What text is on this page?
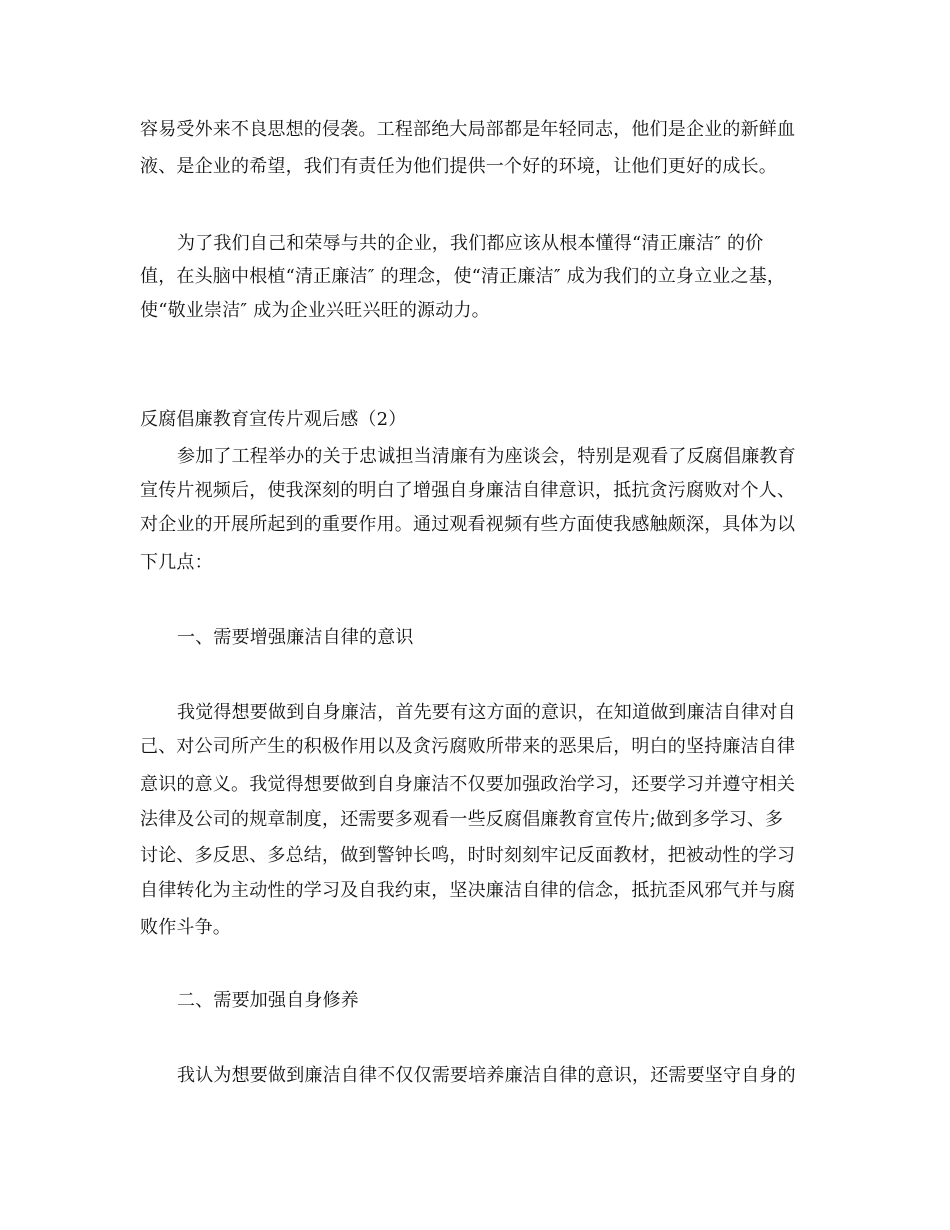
容易受外来不良思想的侵袭。工程部绝大局部都是年轻同志，他们是企业的新鲜血
液、是企业的希望，我们有责任为他们提供一个好的环境，让他们更好的成长。
为了我们自己和荣辱与共的企业，我们都应该从根本懂得“清正廉洁″ 的价
值，在头脑中根植“清正廉洁″ 的理念，使“清正廉洁″ 成为我们的立身立业之基，
使“敬业崇洁″ 成为企业兴旺兴旺的源动力。
反腐倡廉教育宣传片观后感（2）
参加了工程举办的关于忠诚担当清廉有为座谈会，特别是观看了反腐倡廉教育
宣传片视频后，使我深刻的明白了增强自身廉洁自律意识，抵抗贪污腐败对个人、
对企业的开展所起到的重要作用。通过观看视频有些方面使我感触颇深，具体为以
下几点：
一、需要增强廉洁自律的意识
我觉得想要做到自身廉洁，首先要有这方面的意识，在知道做到廉洁自律对自
己、对公司所产生的积极作用以及贪污腐败所带来的恶果后，明白的坚持廉洁自律
意识的意义。我觉得想要做到自身廉洁不仅要加强政治学习，还要学习并遵守相关
法律及公司的规章制度，还需要多观看一些反腐倡廉教育宣传片;做到多学习、多
讨论、多反思、多总结，做到警钟长鸣，时时刻刻牢记反面教材，把被动性的学习
自律转化为主动性的学习及自我约束，坚决廉洁自律的信念，抵抗歪风邪气并与腐
败作斗争。
二、需要加强自身修养
我认为想要做到廉洁自律不仅仅需要培养廉洁自律的意识，还需要坚守自身的
